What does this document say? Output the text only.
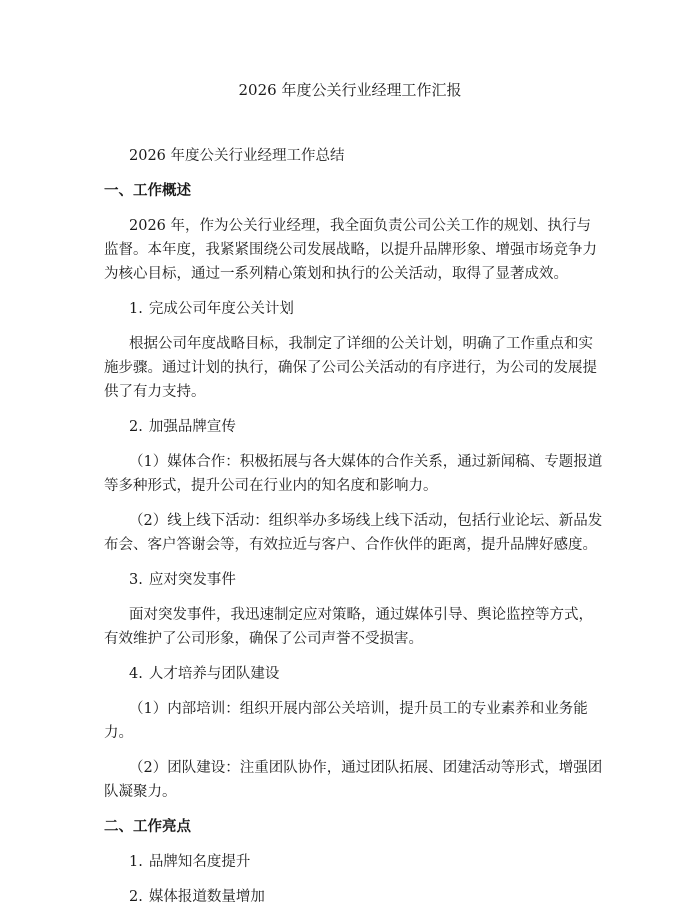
2026 年度公关行业经理工作汇报

2026 年度公关行业经理工作总结

一、工作概述

2026 年，作为公关行业经理，我全面负责公司公关工作的规划、执行与监督。本年度，我紧紧围绕公司发展战略，以提升品牌形象、增强市场竞争力为核心目标，通过一系列精心策划和执行的公关活动，取得了显著成效。

1. 完成公司年度公关计划

根据公司年度战略目标，我制定了详细的公关计划，明确了工作重点和实施步骤。通过计划的执行，确保了公司公关活动的有序进行，为公司的发展提供了有力支持。

2. 加强品牌宣传

（1）媒体合作：积极拓展与各大媒体的合作关系，通过新闻稿、专题报道等多种形式，提升公司在行业内的知名度和影响力。

（2）线上线下活动：组织举办多场线上线下活动，包括行业论坛、新品发布会、客户答谢会等，有效拉近与客户、合作伙伴的距离，提升品牌好感度。

3. 应对突发事件

面对突发事件，我迅速制定应对策略，通过媒体引导、舆论监控等方式，有效维护了公司形象，确保了公司声誉不受损害。

4. 人才培养与团队建设

（1）内部培训：组织开展内部公关培训，提升员工的专业素养和业务能力。

（2）团队建设：注重团队协作，通过团队拓展、团建活动等形式，增强团队凝聚力。

二、工作亮点

1. 品牌知名度提升

2. 媒体报道数量增加
